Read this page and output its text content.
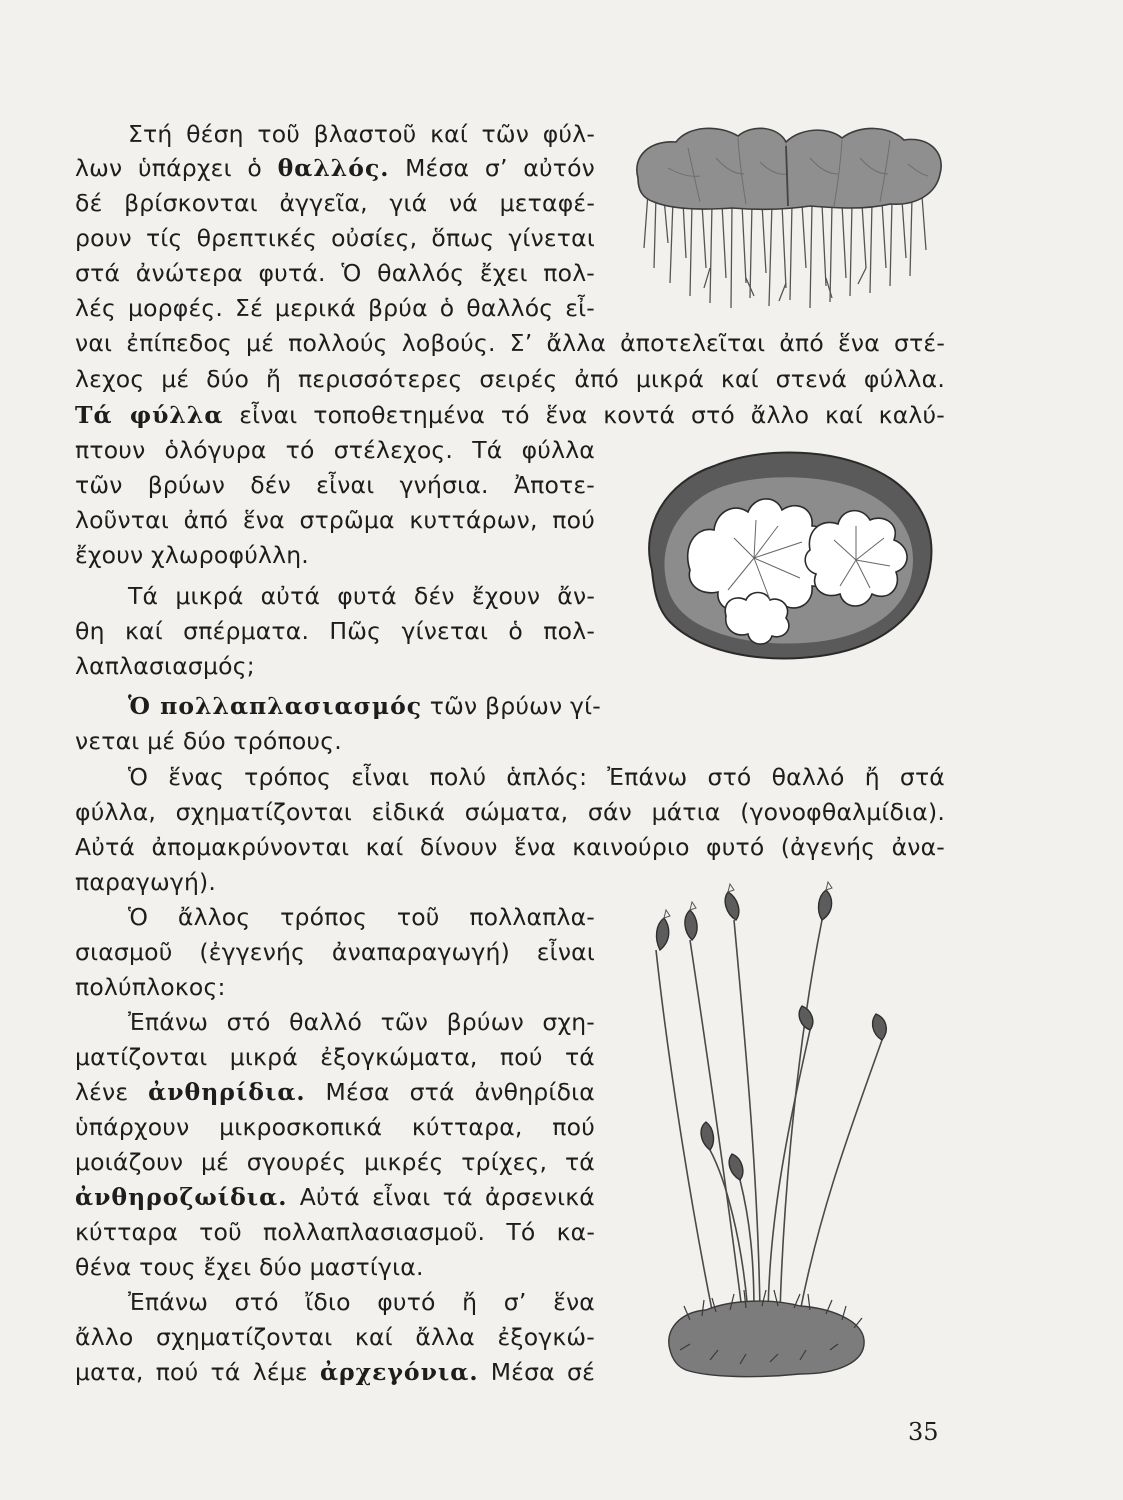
Στή θέση τοῦ βλαστοῦ καί τῶν φύλ-
λων ὑπάρχει ὁ θαλλός. Μέσα σ’ αὐτόν
δέ βρίσκονται ἀγγεῖα, γιά νά μεταφέ-
ρουν τίς θρεπτικές οὐσίες, ὅπως γίνεται
στά ἀνώτερα φυτά. Ὁ θαλλός ἔχει πολ-
λές μορφές. Σέ μερικά βρύα ὁ θαλλός εἶ-
ναι ἐπίπεδος μέ πολλούς λοβούς. Σ’ ἄλλα ἀποτελεῖται ἀπό ἕνα στέ-
λεχος μέ δύο ἤ περισσότερες σειρές ἀπό μικρά καί στενά φύλλα.
Τά φύλλα εἶναι τοποθετημένα τό ἕνα κοντά στό ἄλλο καί καλύ-
πτουν ὁλόγυρα τό στέλεχος. Τά φύλλα
τῶν βρύων δέν εἶναι γνήσια. Ἀποτε-
λοῦνται ἀπό ἕνα στρῶμα κυττάρων, πού
ἔχουν χλωροφύλλη.
Τά μικρά αὐτά φυτά δέν ἔχουν ἄν-
θη καί σπέρματα. Πῶς γίνεται ὁ πολ-
λαπλασιασμός;
Ὁ πολλαπλασιασμός τῶν βρύων γί-
νεται μέ δύο τρόπους.
Ὁ ἕνας τρόπος εἶναι πολύ ἁπλός: Ἐπάνω στό θαλλό ἤ στά
φύλλα, σχηματίζονται εἰδικά σώματα, σάν μάτια (γονοφθαλμίδια).
Αὐτά ἀπομακρύνονται καί δίνουν ἕνα καινούριο φυτό (ἀγενής ἀνα-
παραγωγή).
Ὁ ἄλλος τρόπος τοῦ πολλαπλα-
σιασμοῦ (ἐγγενής ἀναπαραγωγή) εἶναι
πολύπλοκος:
Ἐπάνω στό θαλλό τῶν βρύων σχη-
ματίζονται μικρά ἐξογκώματα, πού τά
λένε ἀνθηρίδια. Μέσα στά ἀνθηρίδια
ὑπάρχουν μικροσκοπικά κύτταρα, πού
μοιάζουν μέ σγουρές μικρές τρίχες, τά
ἀνθηροζωίδια. Αὐτά εἶναι τά ἀρσενικά
κύτταρα τοῦ πολλαπλασιασμοῦ. Τό κα-
θένα τους ἔχει δύο μαστίγια.
Ἐπάνω στό ἴδιο φυτό ἤ σ’ ἕνα
ἄλλο σχηματίζονται καί ἄλλα ἐξογκώ-
ματα, πού τά λέμε ἀρχεγόνια. Μέσα σέ
35
